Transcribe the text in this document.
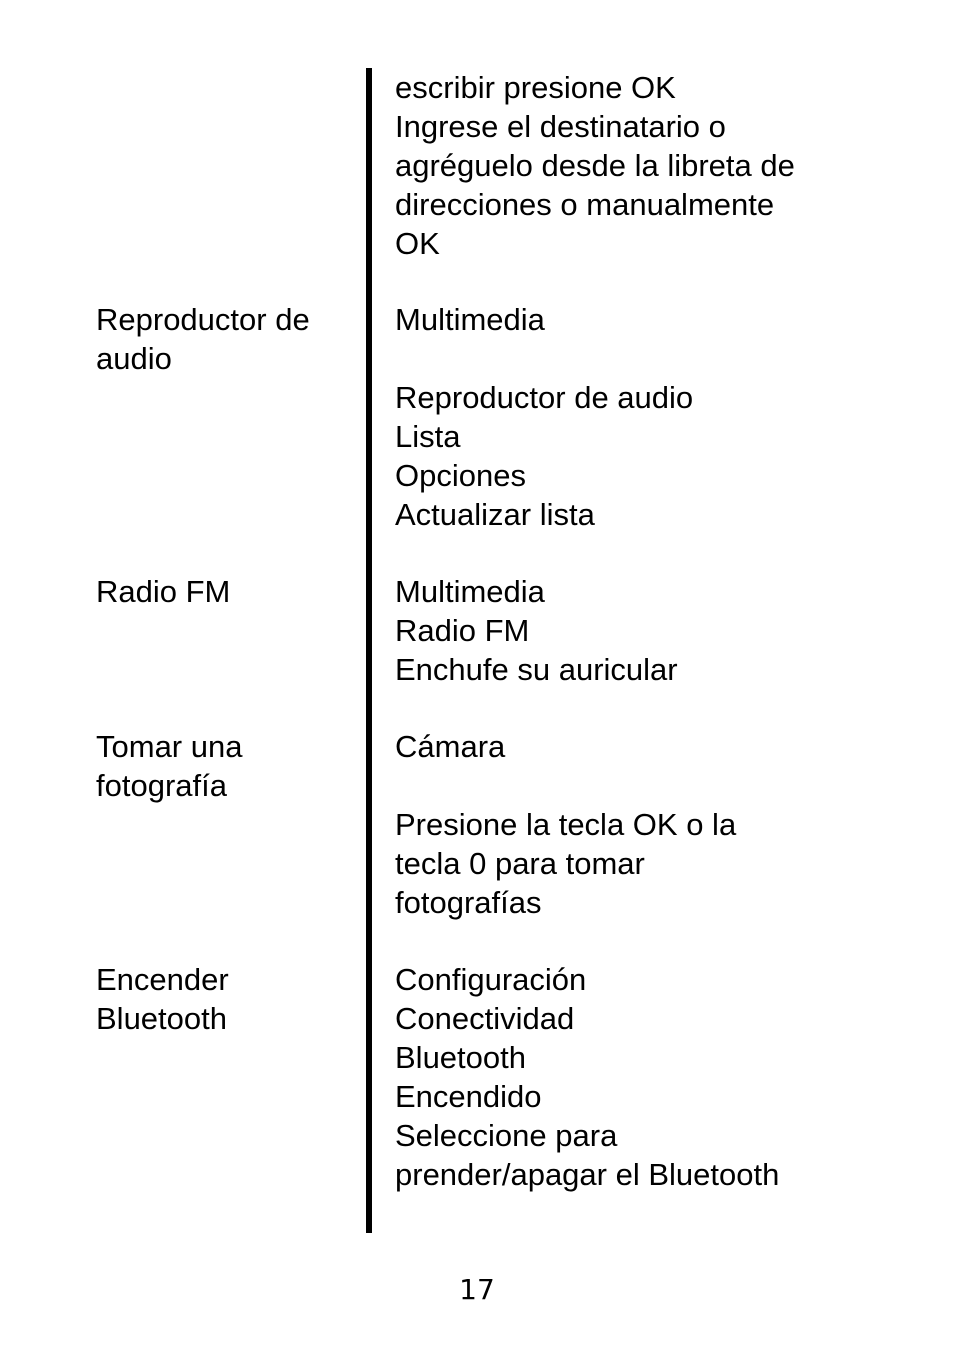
escribir presione OK
Ingrese el destinatario o
agréguelo desde la libreta de
direcciones o manualmente
OK
Reproductor de
audio
Multimedia
Reproductor de audio
Lista
Opciones
Actualizar lista
Radio FM	Multimedia
Radio FM
Enchufe su auricular
Tomar una
fotografía
Cámara
Presione la tecla OK o la
tecla 0 para tomar
fotografías
Encender
Bluetooth
Configuración
Conectividad
Bluetooth
Encendido
Seleccione para
prender/apagar el Bluetooth
17
